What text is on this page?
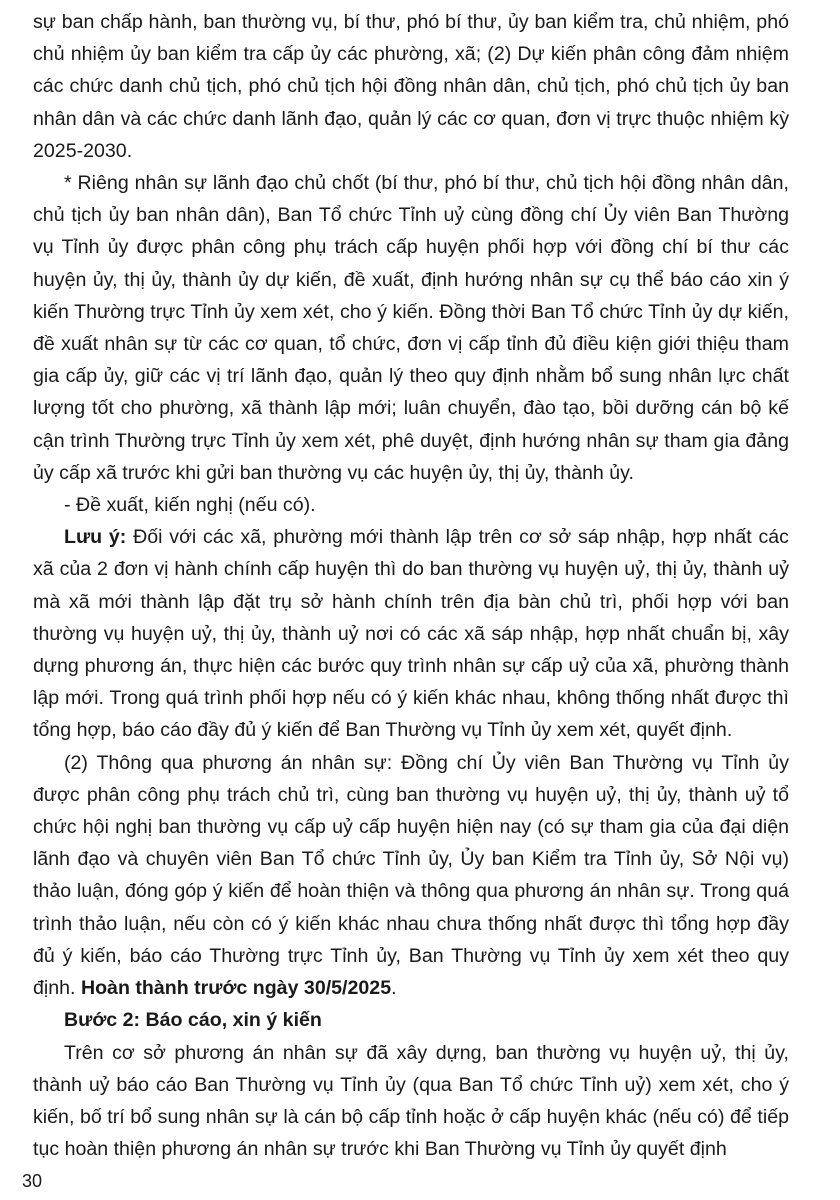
sự ban chấp hành, ban thường vụ, bí thư, phó bí thư, ủy ban kiểm tra, chủ nhiệm, phó chủ nhiệm ủy ban kiểm tra cấp ủy các phường, xã; (2) Dự kiến phân công đảm nhiệm các chức danh chủ tịch, phó chủ tịch hội đồng nhân dân, chủ tịch, phó chủ tịch ủy ban nhân dân và các chức danh lãnh đạo, quản lý các cơ quan, đơn vị trực thuộc nhiệm kỳ 2025-2030.

* Riêng nhân sự lãnh đạo chủ chốt (bí thư, phó bí thư, chủ tịch hội đồng nhân dân, chủ tịch ủy ban nhân dân), Ban Tổ chức Tỉnh uỷ cùng đồng chí Ủy viên Ban Thường vụ Tỉnh ủy được phân công phụ trách cấp huyện phối hợp với đồng chí bí thư các huyện ủy, thị ủy, thành ủy dự kiến, đề xuất, định hướng nhân sự cụ thể báo cáo xin ý kiến Thường trực Tỉnh ủy xem xét, cho ý kiến. Đồng thời Ban Tổ chức Tỉnh ủy dự kiến, đề xuất nhân sự từ các cơ quan, tổ chức, đơn vị cấp tỉnh đủ điều kiện giới thiệu tham gia cấp ủy, giữ các vị trí lãnh đạo, quản lý theo quy định nhằm bổ sung nhân lực chất lượng tốt cho phường, xã thành lập mới; luân chuyển, đào tạo, bồi dưỡng cán bộ kế cận trình Thường trực Tỉnh ủy xem xét, phê duyệt, định hướng nhân sự tham gia đảng ủy cấp xã trước khi gửi ban thường vụ các huyện ủy, thị ủy, thành ủy.

- Đề xuất, kiến nghị (nếu có).

Lưu ý: Đối với các xã, phường mới thành lập trên cơ sở sáp nhập, hợp nhất các xã của 2 đơn vị hành chính cấp huyện thì do ban thường vụ huyện uỷ, thị ủy, thành uỷ mà xã mới thành lập đặt trụ sở hành chính trên địa bàn chủ trì, phối hợp với ban thường vụ huyện uỷ, thị ủy, thành uỷ nơi có các xã sáp nhập, hợp nhất chuẩn bị, xây dựng phương án, thực hiện các bước quy trình nhân sự cấp uỷ của xã, phường thành lập mới. Trong quá trình phối hợp nếu có ý kiến khác nhau, không thống nhất được thì tổng hợp, báo cáo đầy đủ ý kiến để Ban Thường vụ Tỉnh ủy xem xét, quyết định.

(2) Thông qua phương án nhân sự: Đồng chí Ủy viên Ban Thường vụ Tỉnh ủy được phân công phụ trách chủ trì, cùng ban thường vụ huyện uỷ, thị ủy, thành uỷ tổ chức hội nghị ban thường vụ cấp uỷ cấp huyện hiện nay (có sự tham gia của đại diện lãnh đạo và chuyên viên Ban Tổ chức Tỉnh ủy, Ủy ban Kiểm tra Tỉnh ủy, Sở Nội vụ) thảo luận, đóng góp ý kiến để hoàn thiện và thông qua phương án nhân sự. Trong quá trình thảo luận, nếu còn có ý kiến khác nhau chưa thống nhất được thì tổng hợp đầy đủ ý kiến, báo cáo Thường trực Tỉnh ủy, Ban Thường vụ Tỉnh ủy xem xét theo quy định. Hoàn thành trước ngày 30/5/2025.

Bước 2: Báo cáo, xin ý kiến

Trên cơ sở phương án nhân sự đã xây dựng, ban thường vụ huyện uỷ, thị ủy, thành uỷ báo cáo Ban Thường vụ Tỉnh ủy (qua Ban Tổ chức Tỉnh uỷ) xem xét, cho ý kiến, bố trí bổ sung nhân sự là cán bộ cấp tỉnh hoặc ở cấp huyện khác (nếu có) để tiếp tục hoàn thiện phương án nhân sự trước khi Ban Thường vụ Tỉnh ủy quyết định

30
